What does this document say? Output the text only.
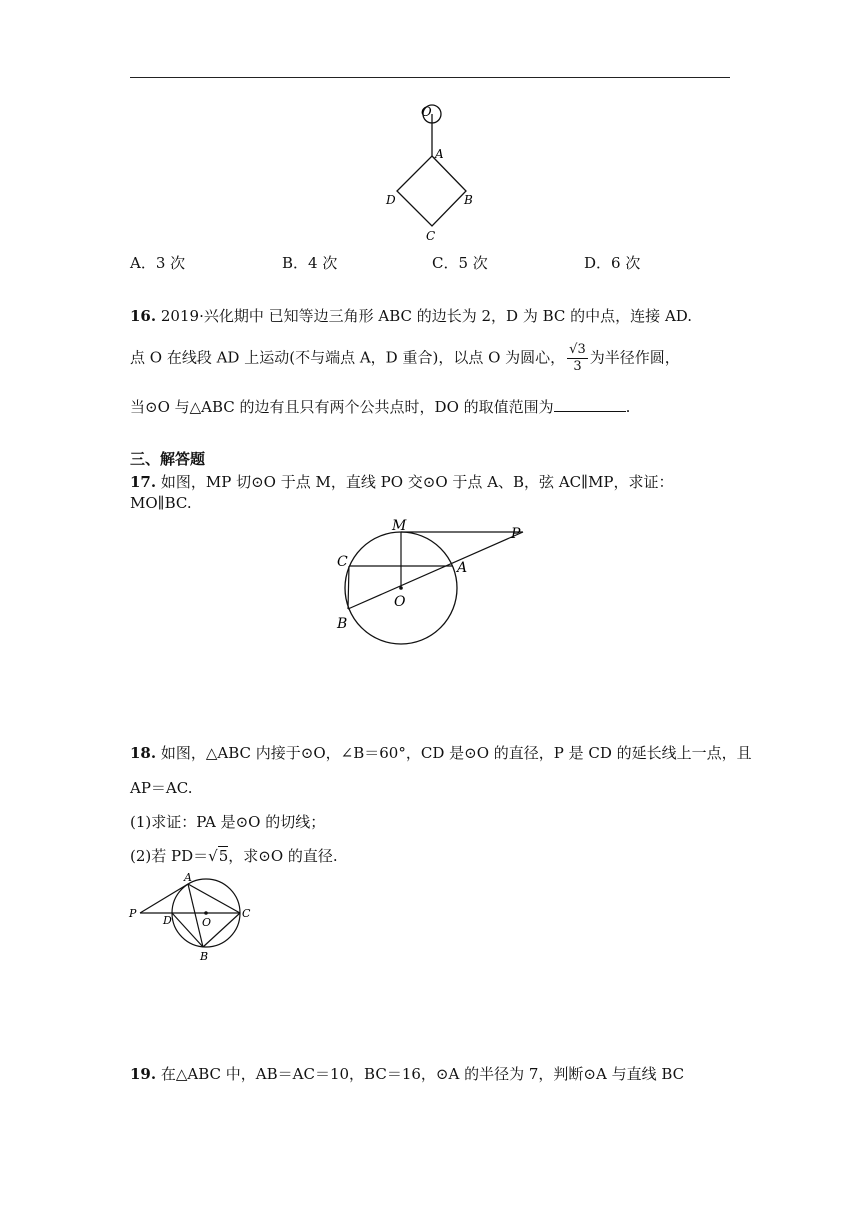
O
A
B
C
D
A．3 次	B．4 次	C．5 次	D．6 次
16. 2019·兴化期中 已知等边三角形 ABC 的边长为 2，D 为 BC 的中点，连接 AD.
点 O 在线段 AD 上运动(不与端点 A，D 重合)，以点 O 为圆心， $\frac{√3}{3}$ 为半径作圆，
当⊙O 与△ABC 的边有且只有两个公共点时，DO 的取值范围为	.
三、解答题
17. 如图，MP 切⊙O 于点 M，直线 PO 交⊙O 于点 A、B，弦 AC∥MP，求证：
MO∥BC.
M	P
C	A
O
B
18. 如图，△ABC 内接于⊙O，∠B＝60°，CD 是⊙O 的直径，P 是 CD 的延长线上一点，且
AP＝AC.
(1)求证：PA 是⊙O 的切线；
(2)若 PD＝√5，求⊙O 的直径.
A
P
D	O
C
B
19. 在△ABC 中，AB＝AC＝10，BC＝16，⊙A 的半径为 7，判断⊙A 与直线 BC
